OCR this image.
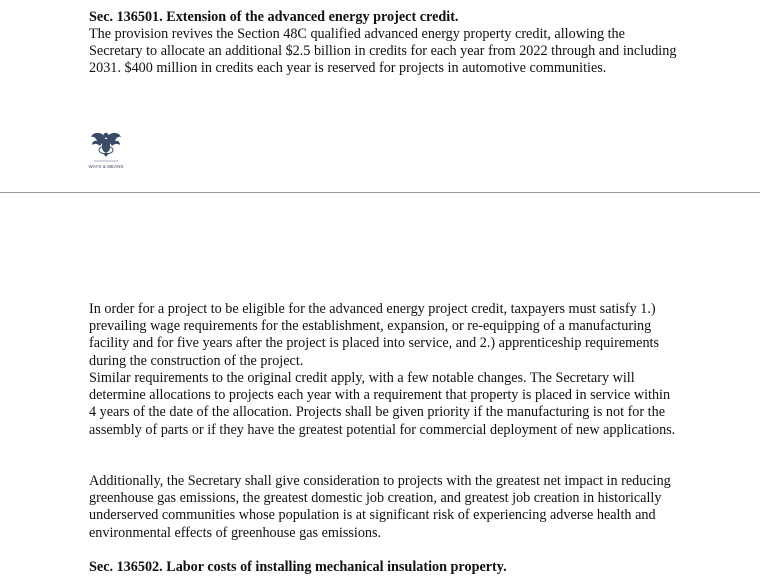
Sec. 136501. Extension of the advanced energy project credit.

The provision revives the Section 48C qualified advanced energy property credit, allowing the Secretary to allocate an additional $2.5 billion in credits for each year from 2022 through and including 2031. $400 million in credits each year is reserved for projects in automotive communities.

WAYS & MEANS

In order for a project to be eligible for the advanced energy project credit, taxpayers must satisfy 1.) prevailing wage requirements for the establishment, expansion, or re-equipping of a manufacturing facility and for five years after the project is placed into service, and 2.) apprenticeship requirements during the construction of the project.

Similar requirements to the original credit apply, with a few notable changes. The Secretary will determine allocations to projects each year with a requirement that property is placed in service within 4 years of the date of the allocation. Projects shall be given priority if the manufacturing is not for the assembly of parts or if they have the greatest potential for commercial deployment of new applications.

Additionally, the Secretary shall give consideration to projects with the greatest net impact in reducing greenhouse gas emissions, the greatest domestic job creation, and greatest job creation in historically underserved communities whose population is at significant risk of experiencing adverse health and environmental effects of greenhouse gas emissions.

Sec. 136502. Labor costs of installing mechanical insulation property.
